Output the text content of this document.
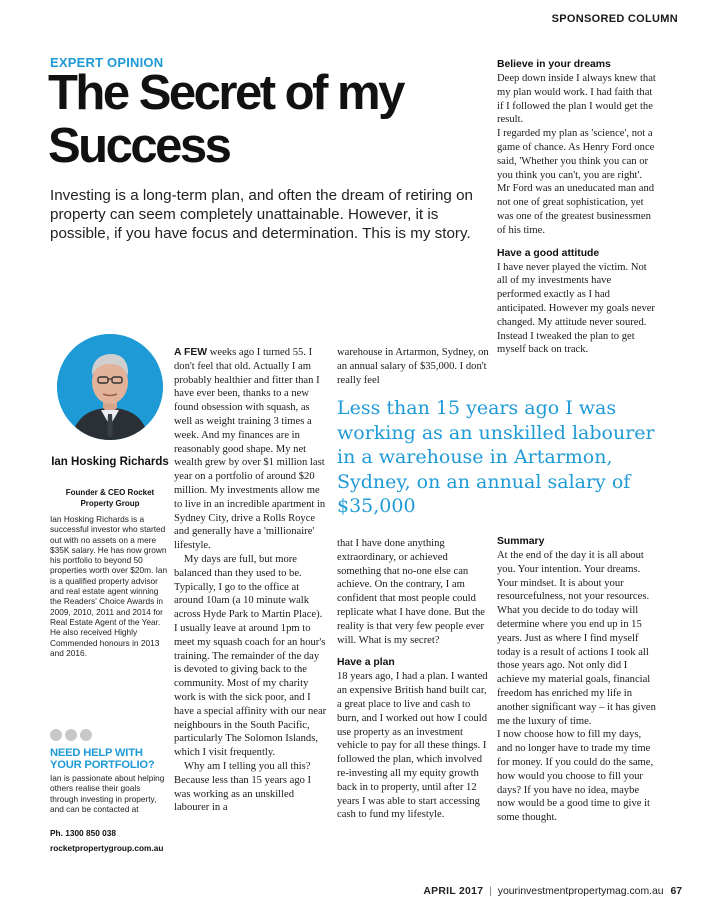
SPONSORED COLUMN
EXPERT OPINION
The Secret of my Success

Investing is a long-term plan, and often the dream of retiring on property can seem completely unattainable. However, it is possible, if you have focus and determination. This is my story.

Ian Hosking Richards
Founder & CEO Rocket Property Group

Ian Hosking Richards is a successful investor who started out with no assets on a mere $35K salary. He has now grown his portfolio to beyond 50 properties worth over $20m. Ian is a qualified property advisor and real estate agent winning the Readers' Choice Awards in 2009, 2010, 2011 and 2014 for Real Estate Agent of the Year. He also received Highly Commended honours in 2013 and 2016.

NEED HELP WITH YOUR PORTFOLIO?

Ian is passionate about helping others realise their goals through investing in property, and can be contacted at

Ph. 1300 850 038
rocketpropertygroup.com.au

A FEW weeks ago I turned 55. I don't feel that old. Actually I am probably healthier and fitter than I have ever been, thanks to a new found obsession with squash, as well as weight training 3 times a week. And my finances are in reasonably good shape. My net wealth grew by over $1 million last year on a portfolio of around $20 million. My investments allow me to live in an incredible apartment in Sydney City, drive a Rolls Royce and generally have a 'millionaire' lifestyle.

My days are full, but more balanced than they used to be. Typically, I go to the office at around 10am (a 10 minute walk across Hyde Park to Martin Place). I usually leave at around 1pm to meet my squash coach for an hour's training. The remainder of the day is devoted to giving back to the community. Most of my charity work is with the sick poor, and I have a special affinity with our near neighbours in the South Pacific, particularly The Solomon Islands, which I visit frequently.

Why am I telling you all this? Because less than 15 years ago I was working as an unskilled labourer in a

warehouse in Artarmon, Sydney, on an annual salary of $35,000. I don't really feel

Less than 15 years ago I was working as an unskilled labourer in a warehouse in Artarmon, Sydney, on an annual salary of $35,000

that I have done anything extraordinary, or achieved something that no-one else can achieve. On the contrary, I am confident that most people could replicate what I have done. But the reality is that very few people ever will. What is my secret?

Have a plan

18 years ago, I had a plan. I wanted an expensive British hand built car, a great place to live and cash to burn, and I worked out how I could use property as an investment vehicle to pay for all these things. I followed the plan, which involved re-investing all my equity growth back in to property, until after 12 years I was able to start accessing cash to fund my lifestyle.

Believe in your dreams

Deep down inside I always knew that my plan would work. I had faith that if I followed the plan I would get the result.

I regarded my plan as 'science', not a game of chance. As Henry Ford once said, 'Whether you think you can or you think you can't, you are right'. Mr Ford was an uneducated man and not one of great sophistication, yet was one of the greatest businessmen of his time.

Have a good attitude

I have never played the victim. Not all of my investments have performed exactly as I had anticipated. However my goals never changed. My attitude never soured. Instead I tweaked the plan to get myself back on track.

Summary

At the end of the day it is all about you. Your intention. Your dreams. Your mindset. It is about your resourcefulness, not your resources. What you decide to do today will determine where you end up in 15 years. Just as where I find myself today is a result of actions I took all those years ago. Not only did I achieve my material goals, financial freedom has enriched my life in another significant way – it has given me the luxury of time.

I now choose how to fill my days, and no longer have to trade my time for money. If you could do the same, how would you choose to fill your days? If you have no idea, maybe now would be a good time to give it some thought.

APRIL 2017 | yourinvestmentpropertymag.com.au 67
